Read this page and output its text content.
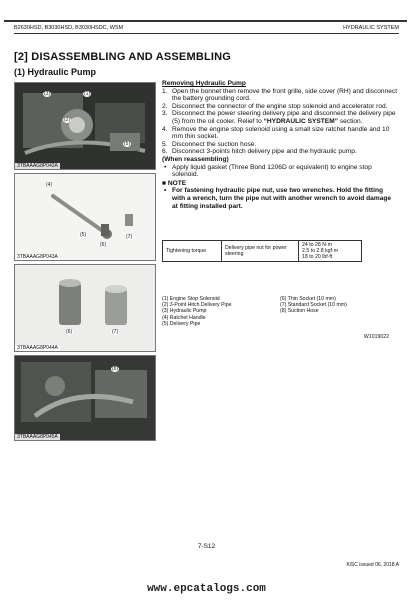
B2630HSD, B3030HSD, B3030HSDC, WSM	HYDRAULIC SYSTEM
[2] DISASSEMBLING AND ASSEMBLING
(1) Hydraulic Pump
(3)	(1)
(2)
(5)
3TBAAAG8P042A
(4)
(5)
(6)
(7)
3TBAAAG8P043A
(6)	(7)
3TBAAAG8P044A
(8)
3TBAAAG8P045A
Removing Hydraulic Pump
1. Open the bonnet then remove the front grille, side cover (RH) and disconnect the battery grounding cord.
2. Disconnect the connector of the engine stop solenoid and accelerator rod.
3. Disconnect the power steering delivery pipe and disconnect the delivery pipe (5) from the oil cooler. Relief to “HYDRAULIC SYSTEM” section.
4. Remove the engine stop solenoid using a small size ratchet handle and 10 mm thin socket.
5. Disconnect the suction hose.
6. Disconnect 3-points hitch delivery pipe and the hydraulic pump.
(When reassembling)
• Apply liquid gasket (Three Bond 1206D or equivalent) to engine stop solenoid.
■ NOTE
• For fastening hydraulic pipe nut, use two wrenches. Hold the fitting with a wrench, turn the pipe nut with another wrench to avoid damage at fitting installed part.
Tightening torque	Delivery pipe nut for power steering	
24 to 28 N·m
2.5 to 2.8 kgf·m
18 to 20 lbf·ft
(1) Engine Stop Solenoid
(2) 3-Point Hitch Delivery Pipe
(3) Hydraulic Pump
(4) Ratchet Handle
(5) Delivery Pipe
(6) Thin Socket (10 mm)
(7) Standard Socket (10 mm)
(8) Suction Hose
W1019022
7-S12
KiSC issued 06, 2018 A
www.epcatalogs.com
